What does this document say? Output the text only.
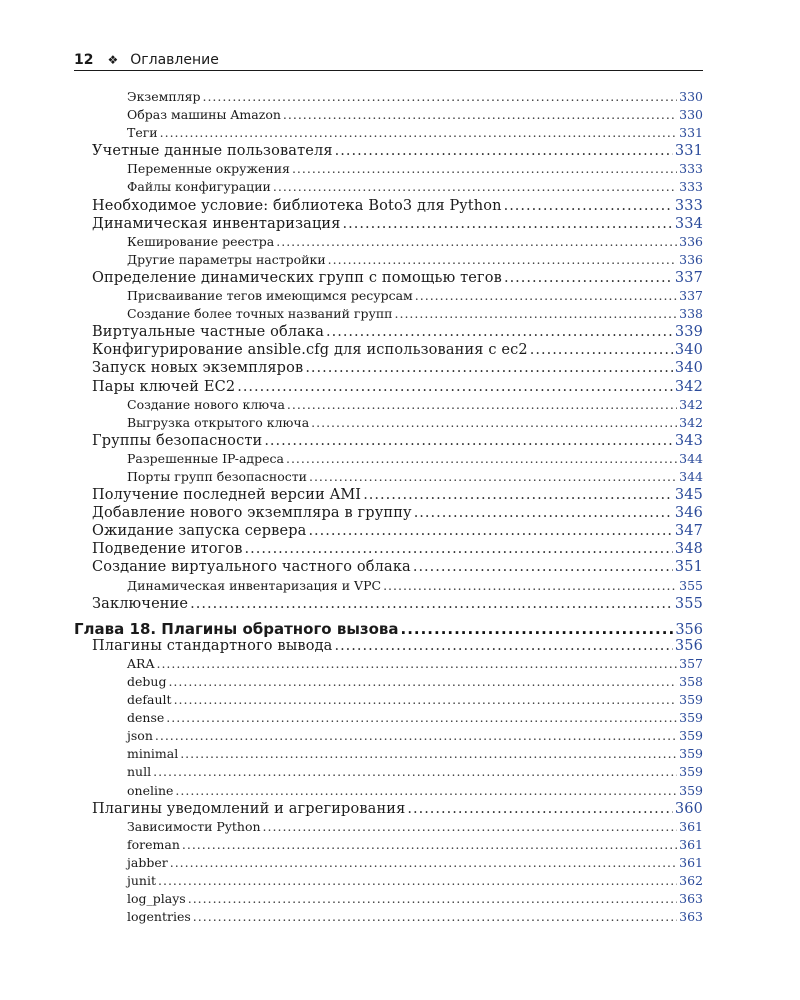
12 ❖ Оглавление
Экземпляр .....	330
Образ машины Amazon .....	330
Теги .....	331
Учетные данные пользователя .....	331
Переменные окружения .....	333
Файлы конфигурации .....	333
Необходимое условие: библиотека Boto3 для Python .....	333
Динамическая инвентаризация .....	334
Кеширование реестра .....	336
Другие параметры настройки .....	336
Определение динамических групп с помощью тегов .....	337
Присваивание тегов имеющимся ресурсам .....	337
Создание более точных названий групп .....	338
Виртуальные частные облака .....	339
Конфигурирование ansible.cfg для использования с ec2 .....	340
Запуск новых экземпляров .....	340
Пары ключей EC2 .....	342
Создание нового ключа .....	342
Выгрузка открытого ключа .....	342
Группы безопасности .....	343
Разрешенные IP-адреса .....	344
Порты групп безопасности .....	344
Получение последней версии AMI .....	345
Добавление нового экземпляра в группу .....	346
Ожидание запуска сервера .....	347
Подведение итогов .....	348
Создание виртуального частного облака .....	351
Динамическая инвентаризация и VPC .....	355
Заключение .....	355
Глава 18. Плагины обратного вызова .....	356
Плагины стандартного вывода .....	356
ARA .....	357
debug .....	358
default .....	359
dense .....	359
json .....	359
minimal .....	359
null .....	359
oneline .....	359
Плагины уведомлений и агрегирования .....	360
Зависимости Python .....	361
foreman .....	361
jabber .....	361
junit .....	362
log_plays .....	363
logentries .....	363
